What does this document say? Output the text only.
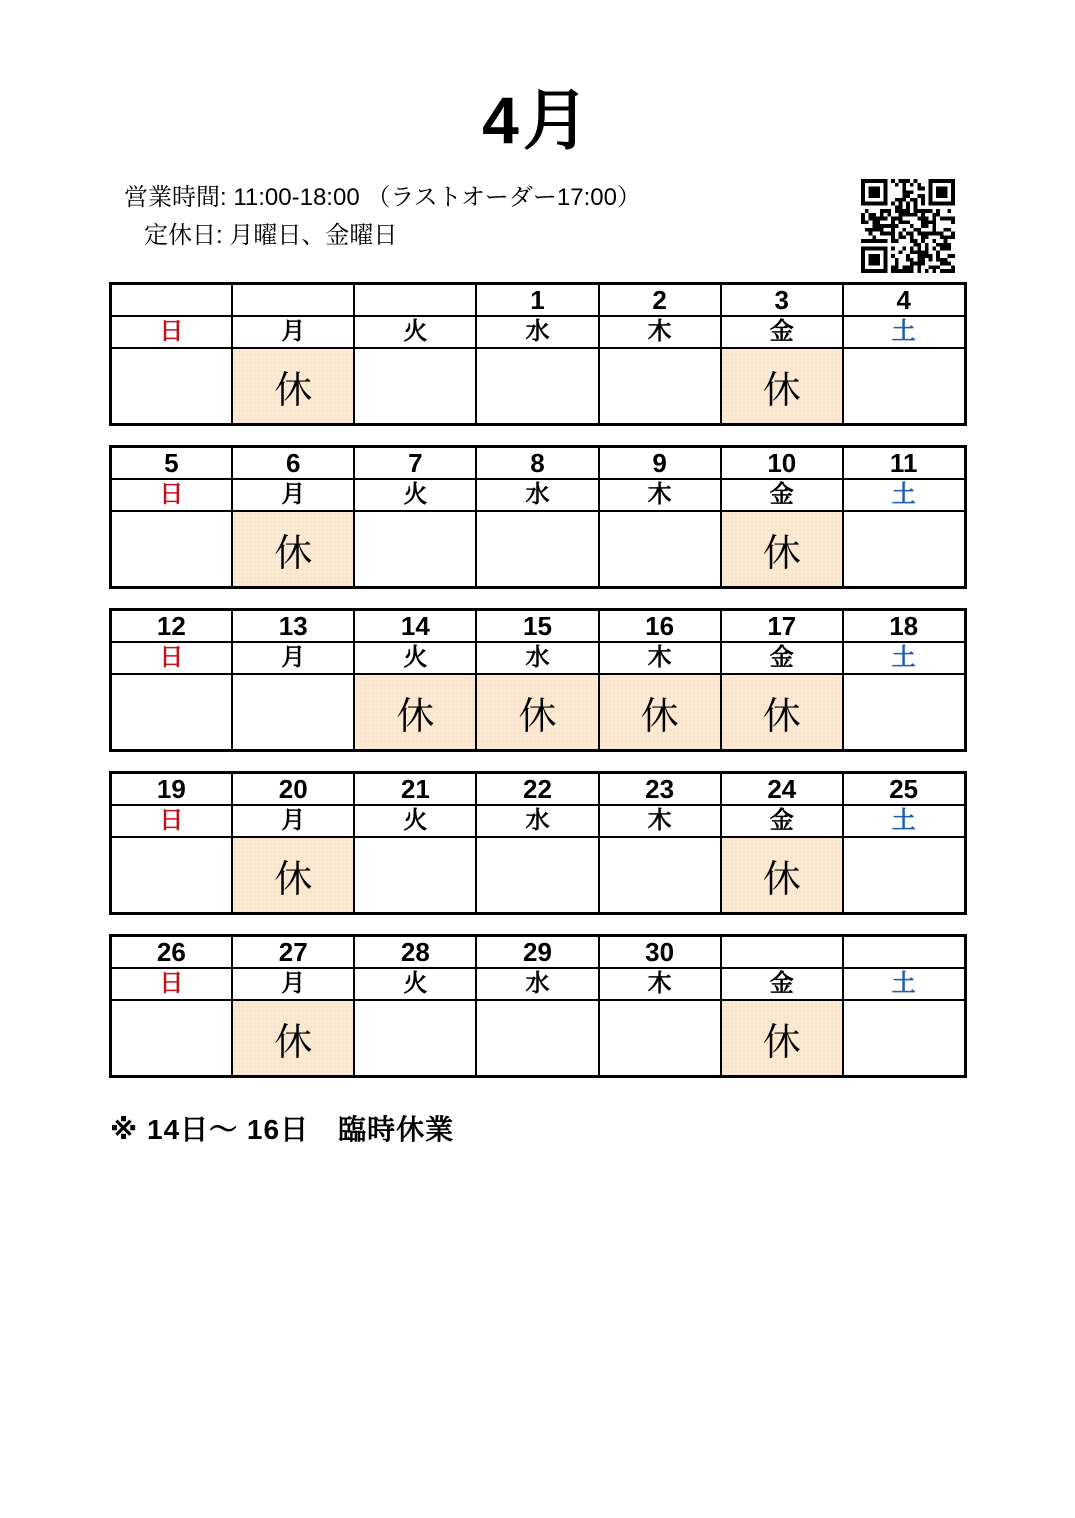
4月
営業時間: 11:00-18:00 （ラストオーダー17:00）
定休日: 月曜日、金曜日
			1	2	3	4
日	月	火	水	木	金	土
	休				休	
5	6	7	8	9	10	11
日	月	火	水	木	金	土
	休				休	
12	13	14	15	16	17	18
日	月	火	水	木	金	土
		休	休	休	休	
19	20	21	22	23	24	25
日	月	火	水	木	金	土
	休				休	
26	27	28	29	30		
日	月	火	水	木	金	土
	休				休	
※ 14日～ 16日　臨時休業
